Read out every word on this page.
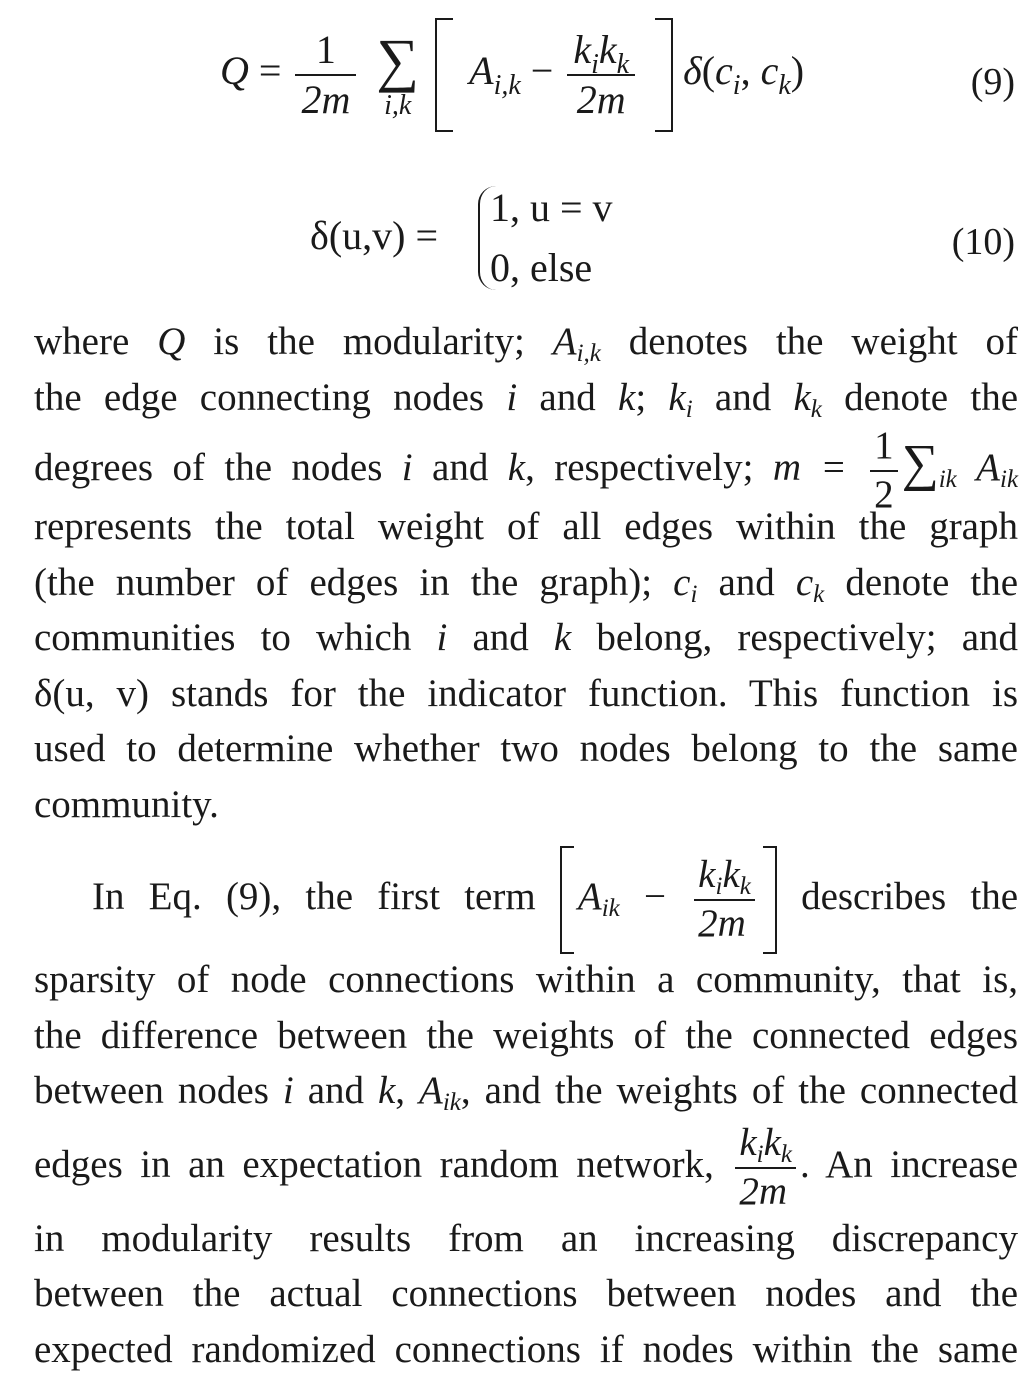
$Q = \frac{1}{2m}$
∑
i,k
$A_{i,k} - \frac{k_ik_k}{2m} \delta(c_i$, $c_k$)	(9)
δ(u,v) =
1, u = v
0, else
(10)
where Q is the modularity; Ai,k denotes the weight of
the edge connecting nodes i and k; ki and kk denote the
degrees of the nodes i and k, respectively; $m = \frac{1}{2} \sum ik$ Aik
represents the total weight of all edges within the graph
(the number of edges in the graph); ci and ck denote the
communities to which i and k belong, respectively; and
δ(u, v) stands for the indicator function. This function is
used to determine whether two nodes belong to the same
community.
In Eq. (9), the first term Aik − $\frac{\text{kikk}}{2m}$ describes the
sparsity of node connections within a community, that is,
the difference between the weights of the connected edges
between nodes i and k, Aik, and the weights of the connected
edges in an expectation random network, $\frac{\text{kikk}}{2m}$ . An increase
in modularity results from an increasing discrepancy
between the actual connections between nodes and the
expected randomized connections if nodes within the same
